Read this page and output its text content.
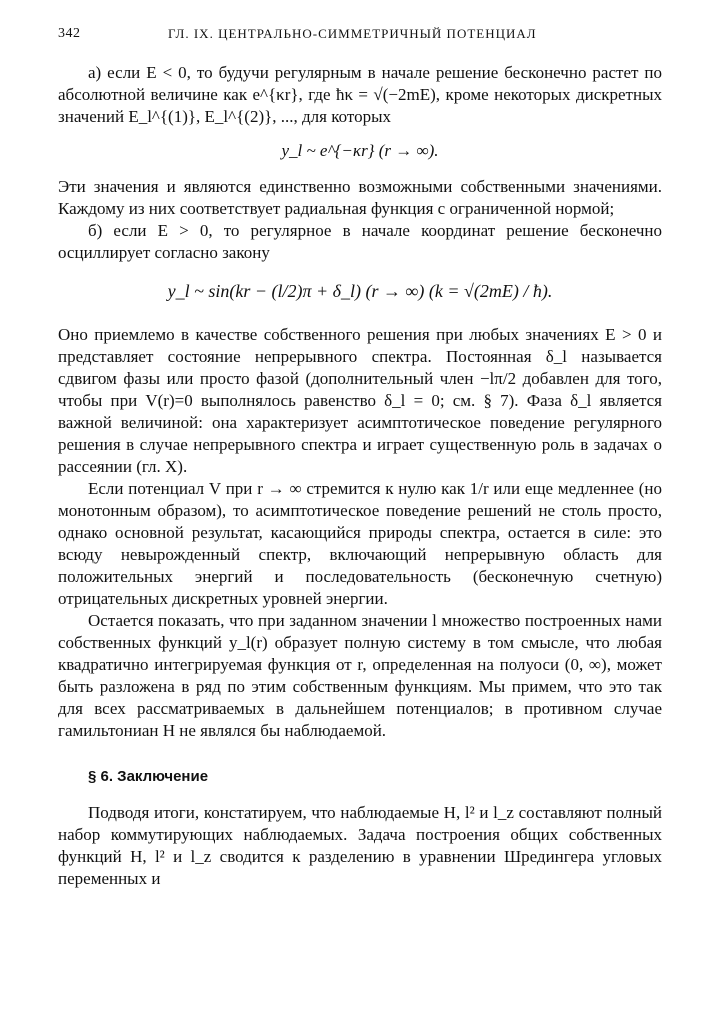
342	ГЛ. IX. ЦЕНТРАЛЬНО-СИММЕТРИЧНЫЙ ПОТЕНЦИАЛ

а) если E < 0, то будучи регулярным в начале решение бесконечно растет по абсолютной величине как e^{κr}, где ħκ = √(−2mE), кроме некоторых дискретных значений E_l^{(1)}, E_l^{(2)}, ..., для которых

y_l ~ e^{−κr} (r → ∞).

Эти значения и являются единственно возможными собственными значениями. Каждому из них соответствует радиальная функция с ограниченной нормой;

б) если E > 0, то регулярное в начале координат решение бесконечно осциллирует согласно закону

y_l ~ sin(kr − (l/2)π + δ_l) (r → ∞) (k = √(2mE) / ħ).

Оно приемлемо в качестве собственного решения при любых значениях E > 0 и представляет состояние непрерывного спектра. Постоянная δ_l называется сдвигом фазы или просто фазой (дополнительный член −lπ/2 добавлен для того, чтобы при V(r)=0 выполнялось равенство δ_l = 0; см. § 7). Фаза δ_l является важной величиной: она характеризует асимптотическое поведение регулярного решения в случае непрерывного спектра и играет существенную роль в задачах о рассеянии (гл. X).

Если потенциал V при r → ∞ стремится к нулю как 1/r или еще медленнее (но монотонным образом), то асимптотическое поведение решений не столь просто, однако основной результат, касающийся природы спектра, остается в силе: это всюду невырожденный спектр, включающий непрерывную область для положительных энергий и последовательность (бесконечную счетную) отрицательных дискретных уровней энергии.

Остается показать, что при заданном значении l множество построенных нами собственных функций y_l(r) образует полную систему в том смысле, что любая квадратично интегрируемая функция от r, определенная на полуоси (0, ∞), может быть разложена в ряд по этим собственным функциям. Мы примем, что это так для всех рассматриваемых в дальнейшем потенциалов; в противном случае гамильтониан H не являлся бы наблюдаемой.

§ 6. Заключение

Подводя итоги, констатируем, что наблюдаемые H, l² и l_z составляют полный набор коммутирующих наблюдаемых. Задача построения общих собственных функций H, l² и l_z сводится к разделению в уравнении Шредингера угловых переменных и
